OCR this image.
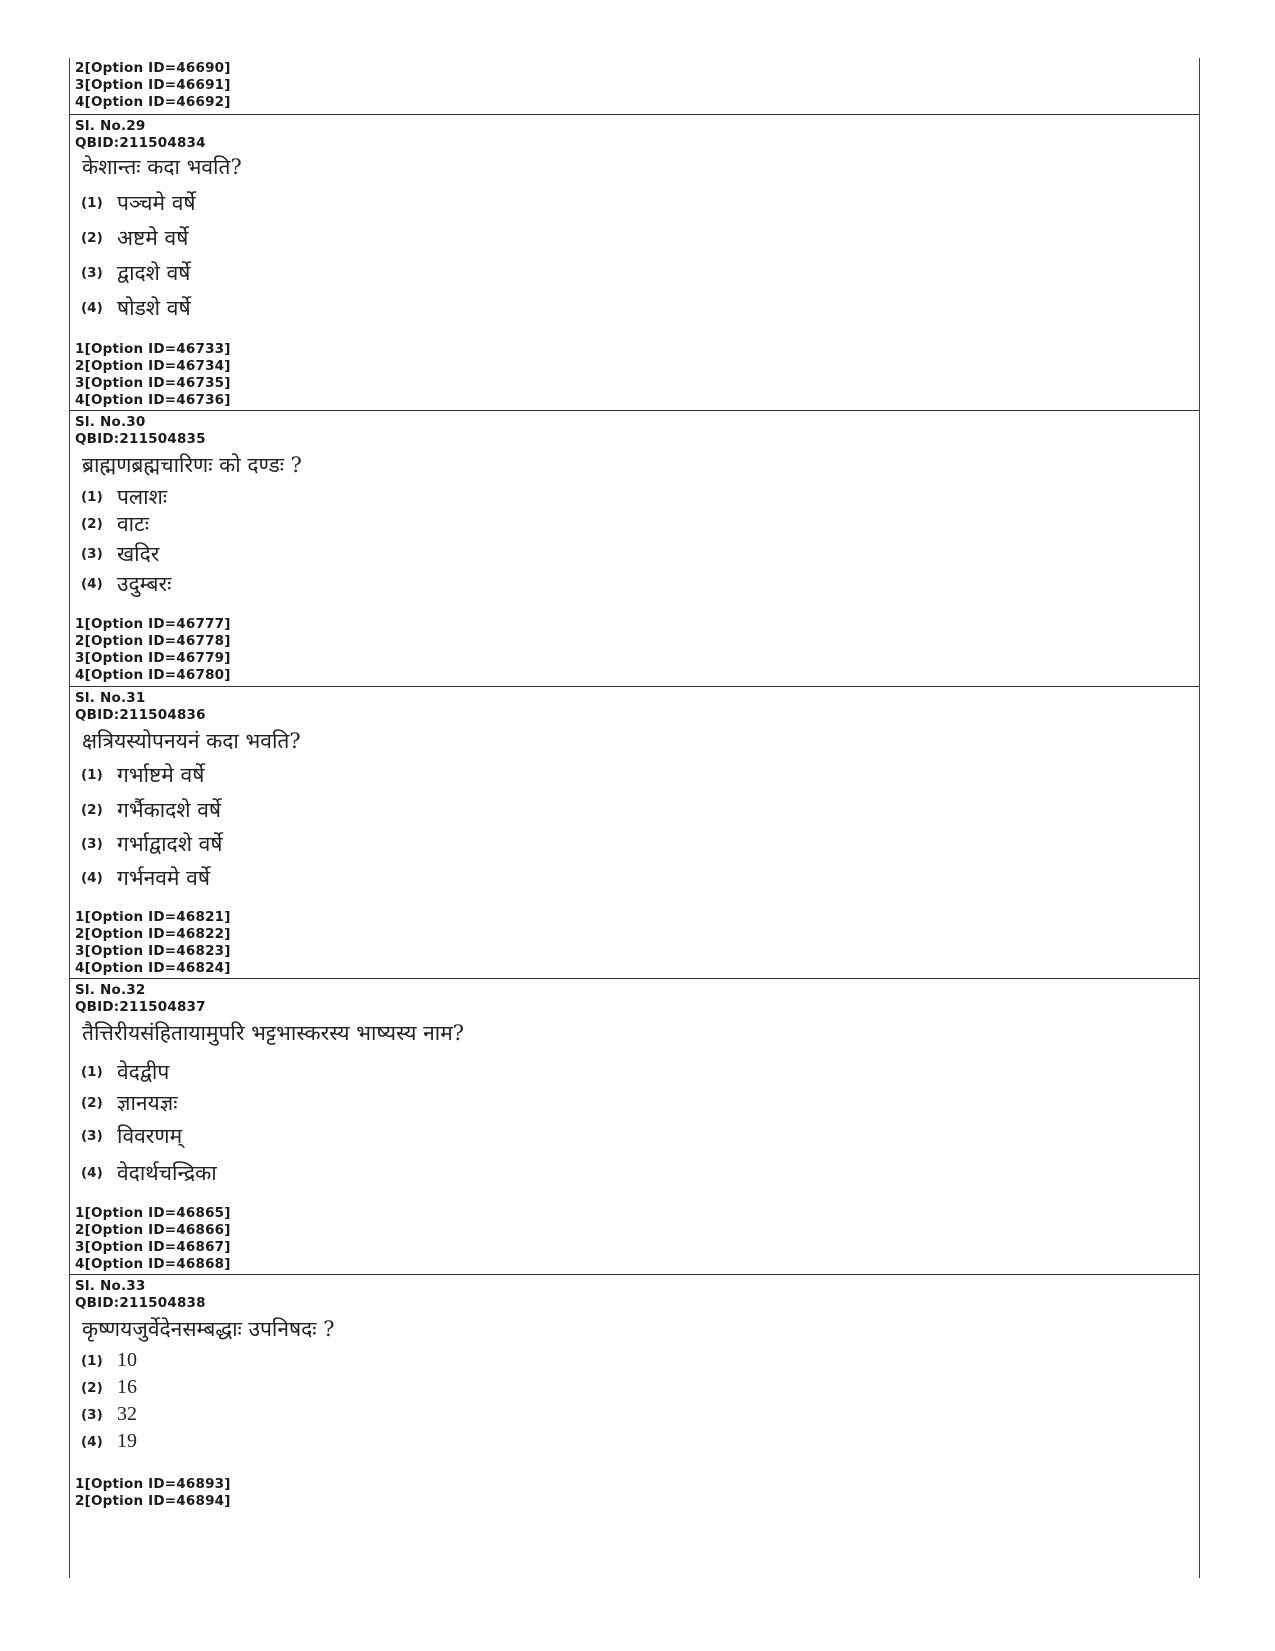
2[Option ID=46690]
3[Option ID=46691]
4[Option ID=46692]
Sl. No.29
QBID:211504834
केशान्तः कदा भवति?
(1) पञ्चमे वर्षे
(2) अष्टमे वर्षे
(3) द्वादशे वर्षे
(4) षोडशे वर्षे
1[Option ID=46733]
2[Option ID=46734]
3[Option ID=46735]
4[Option ID=46736]
Sl. No.30
QBID:211504835
ब्राह्मणब्रह्मचारिणः को दण्डः ?
(1) पलाशः
(2) वाटः
(3) खदिर
(4) उदुम्बरः
1[Option ID=46777]
2[Option ID=46778]
3[Option ID=46779]
4[Option ID=46780]
Sl. No.31
QBID:211504836
क्षत्रियस्योपनयनं कदा भवति?
(1) गर्भाष्टमे वर्षे
(2) गर्भैकादशे वर्षे
(3) गर्भाद्वादशे वर्षे
(4) गर्भनवमे वर्षे
1[Option ID=46821]
2[Option ID=46822]
3[Option ID=46823]
4[Option ID=46824]
Sl. No.32
QBID:211504837
तैत्तिरीयसंहितायामुपरि भट्टभास्करस्य भाष्यस्य नाम?
(1) वेदद्वीप
(2) ज्ञानयज्ञः
(3) विवरणम्
(4) वेदार्थचन्द्रिका
1[Option ID=46865]
2[Option ID=46866]
3[Option ID=46867]
4[Option ID=46868]
Sl. No.33
QBID:211504838
कृष्णयजुर्वेदेनसम्बद्धाः उपनिषदः ?
(1) 10
(2) 16
(3) 32
(4) 19
1[Option ID=46893]
2[Option ID=46894]
